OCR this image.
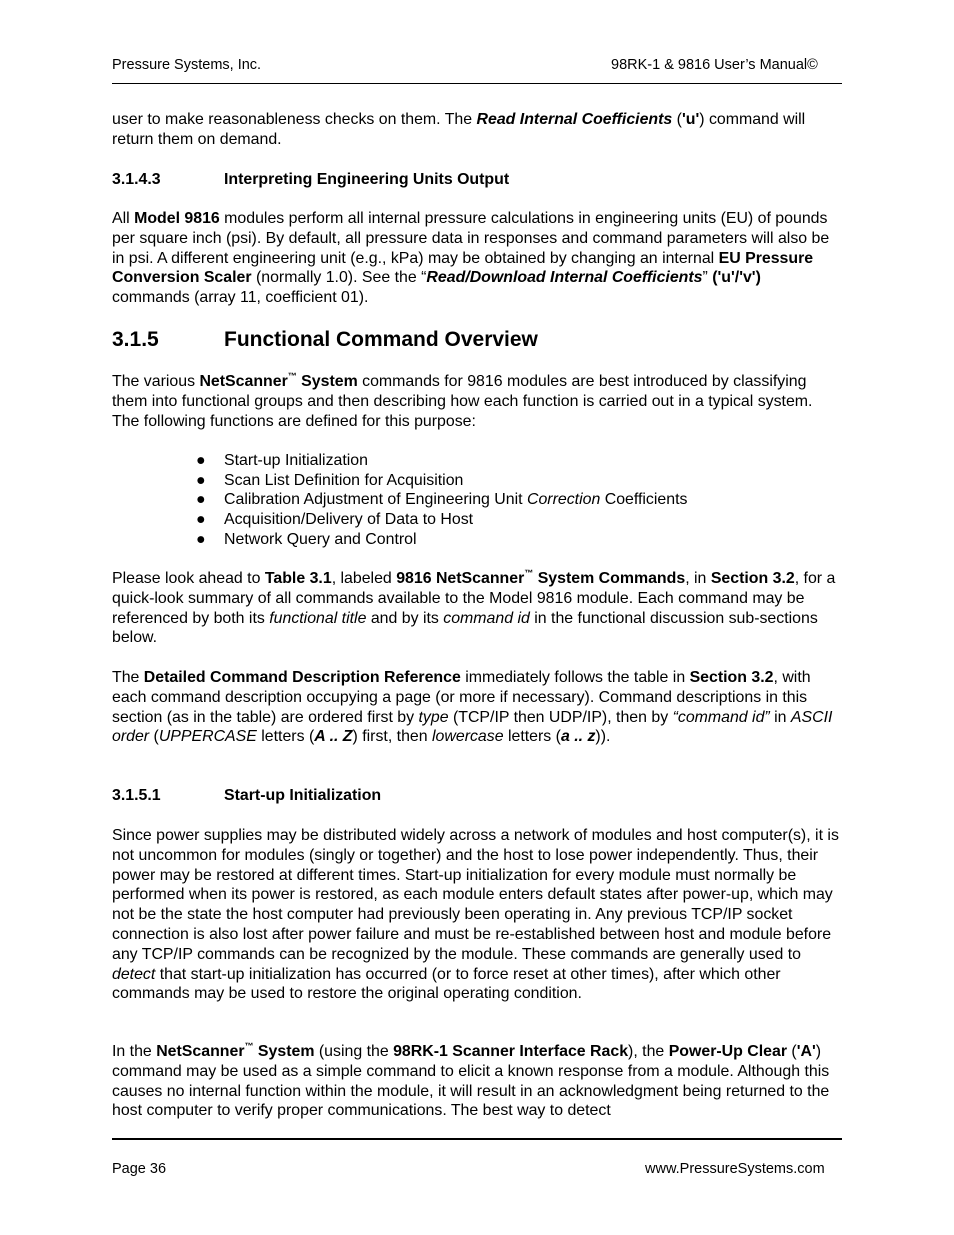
Pressure Systems, Inc.	98RK-1 & 9816 User’s Manual©

user to make reasonableness checks on them. The Read Internal Coefficients ('u') command will return them on demand.

3.1.4.3	Interpreting Engineering Units Output

All Model 9816 modules perform all internal pressure calculations in engineering units (EU) of pounds per square inch (psi). By default, all pressure data in responses and command parameters will also be in psi. A different engineering unit (e.g., kPa) may be obtained by changing an internal EU Pressure Conversion Scaler (normally 1.0). See the “Read/Download Internal Coefficients” ('u'/'v') commands (array 11, coefficient 01).

3.1.5	Functional Command Overview

The various NetScanner™ System commands for 9816 modules are best introduced by classifying them into functional groups and then describing how each function is carried out in a typical system. The following functions are defined for this purpose:

● Start-up Initialization
● Scan List Definition for Acquisition
● Calibration Adjustment of Engineering Unit Correction Coefficients
● Acquisition/Delivery of Data to Host
● Network Query and Control

Please look ahead to Table 3.1, labeled 9816 NetScanner™ System Commands, in Section 3.2, for a quick-look summary of all commands available to the Model 9816 module. Each command may be referenced by both its functional title and by its command id in the functional discussion sub-sections below.

The Detailed Command Description Reference immediately follows the table in Section 3.2, with each command description occupying a page (or more if necessary). Command descriptions in this section (as in the table) are ordered first by type (TCP/IP then UDP/IP), then by “command id” in ASCII order (UPPERCASE letters (A .. Z) first, then lowercase letters (a .. z)).

3.1.5.1	Start-up Initialization

Since power supplies may be distributed widely across a network of modules and host computer(s), it is not uncommon for modules (singly or together) and the host to lose power independently. Thus, their power may be restored at different times. Start-up initialization for every module must normally be performed when its power is restored, as each module enters default states after power-up, which may not be the state the host computer had previously been operating in. Any previous TCP/IP socket connection is also lost after power failure and must be re-established between host and module before any TCP/IP commands can be recognized by the module. These commands are generally used to detect that start-up initialization has occurred (or to force reset at other times), after which other commands may be used to restore the original operating condition.

In the NetScanner™ System (using the 98RK-1 Scanner Interface Rack), the Power-Up Clear ('A') command may be used as a simple command to elicit a known response from a module. Although this causes no internal function within the module, it will result in an acknowledgment being returned to the host computer to verify proper communications. The best way to detect

Page 36	www.PressureSystems.com
